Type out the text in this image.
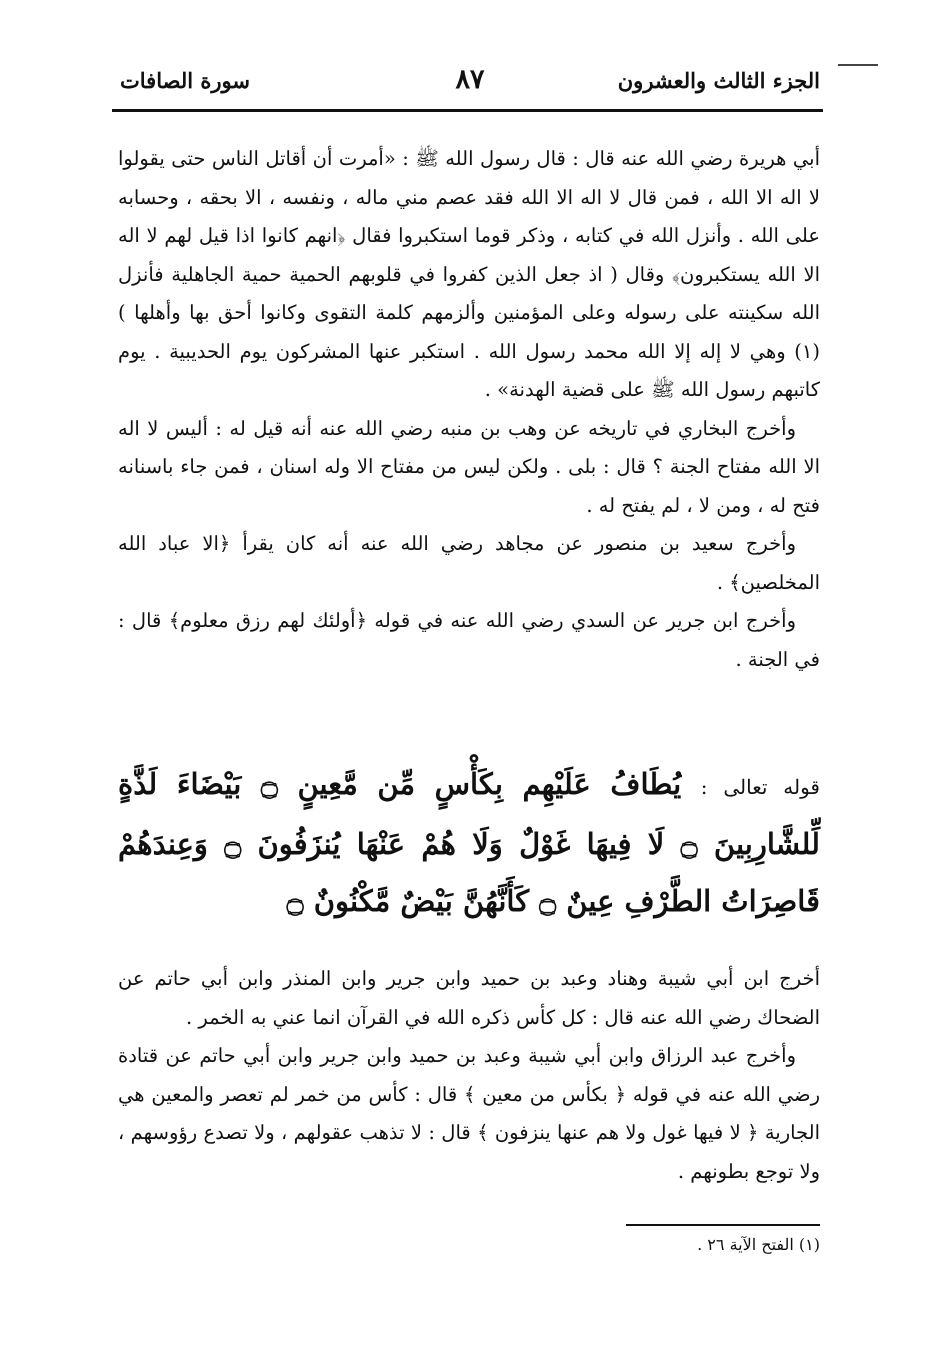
الجزء الثالث والعشرون
٨٧
سورة الصافات

أبي هريرة رضي الله عنه قال : قال رسول الله ﷺ : «أمرت أن أقاتل الناس حتى يقولوا لا اله الا الله ، فمن قال لا اله الا الله فقد عصم مني ماله ، ونفسه ، الا بحقه ، وحسابه على الله . وأنزل الله في كتابه ، وذكر قوما استكبروا فقال ﴿انهم كانوا اذا قيل لهم لا اله الا الله يستكبرون﴾ وقال ( اذ جعل الذين كفروا في قلوبهم الحمية حمية الجاهلية فأنزل الله سكينته على رسوله وعلى المؤمنين وألزمهم كلمة التقوى وكانوا أحق بها وأهلها ) (١) وهي لا إله إلا الله محمد رسول الله . استكبر عنها المشركون يوم الحديبية . يوم كاتبهم رسول الله ﷺ على قضية الهدنة» .

وأخرج البخاري في تاريخه عن وهب بن منبه رضي الله عنه أنه قيل له : أليس لا اله الا الله مفتاح الجنة ؟ قال : بلى . ولكن ليس من مفتاح الا وله اسنان ، فمن جاء باسنانه فتح له ، ومن لا ، لم يفتح له .

وأخرج سعيد بن منصور عن مجاهد رضي الله عنه أنه كان يقرأ ﴿الا عباد الله المخلصين﴾ .

وأخرج ابن جرير عن السدي رضي الله عنه في قوله ﴿أولئك لهم رزق معلوم﴾ قال : في الجنة .

قوله تعالى : يُطَافُ عَلَيْهِم بِكَأْسٍ مِّن مَّعِينٍ ۝ بَيْضَاءَ لَذَّةٍ لِّلشَّارِبِينَ ۝ لَا فِيهَا غَوْلٌ وَلَا هُمْ عَنْهَا يُنزَفُونَ ۝ وَعِندَهُمْ قَاصِرَاتُ الطَّرْفِ عِينٌ ۝ كَأَنَّهُنَّ بَيْضٌ مَّكْنُونٌ ۝

أخرج ابن أبي شيبة وهناد وعبد بن حميد وابن جرير وابن المنذر وابن أبي حاتم عن الضحاك رضي الله عنه قال : كل كأس ذكره الله في القرآن انما عني به الخمر .

وأخرج عبد الرزاق وابن أبي شيبة وعبد بن حميد وابن جرير وابن أبي حاتم عن قتادة رضي الله عنه في قوله ﴿ بكأس من معين ﴾ قال : كأس من خمر لم تعصر والمعين هي الجارية ﴿ لا فيها غول ولا هم عنها ينزفون ﴾ قال : لا تذهب عقولهم ، ولا تصدع رؤوسهم ، ولا توجع بطونهم .

(١) الفتح الآية ٢٦ .
